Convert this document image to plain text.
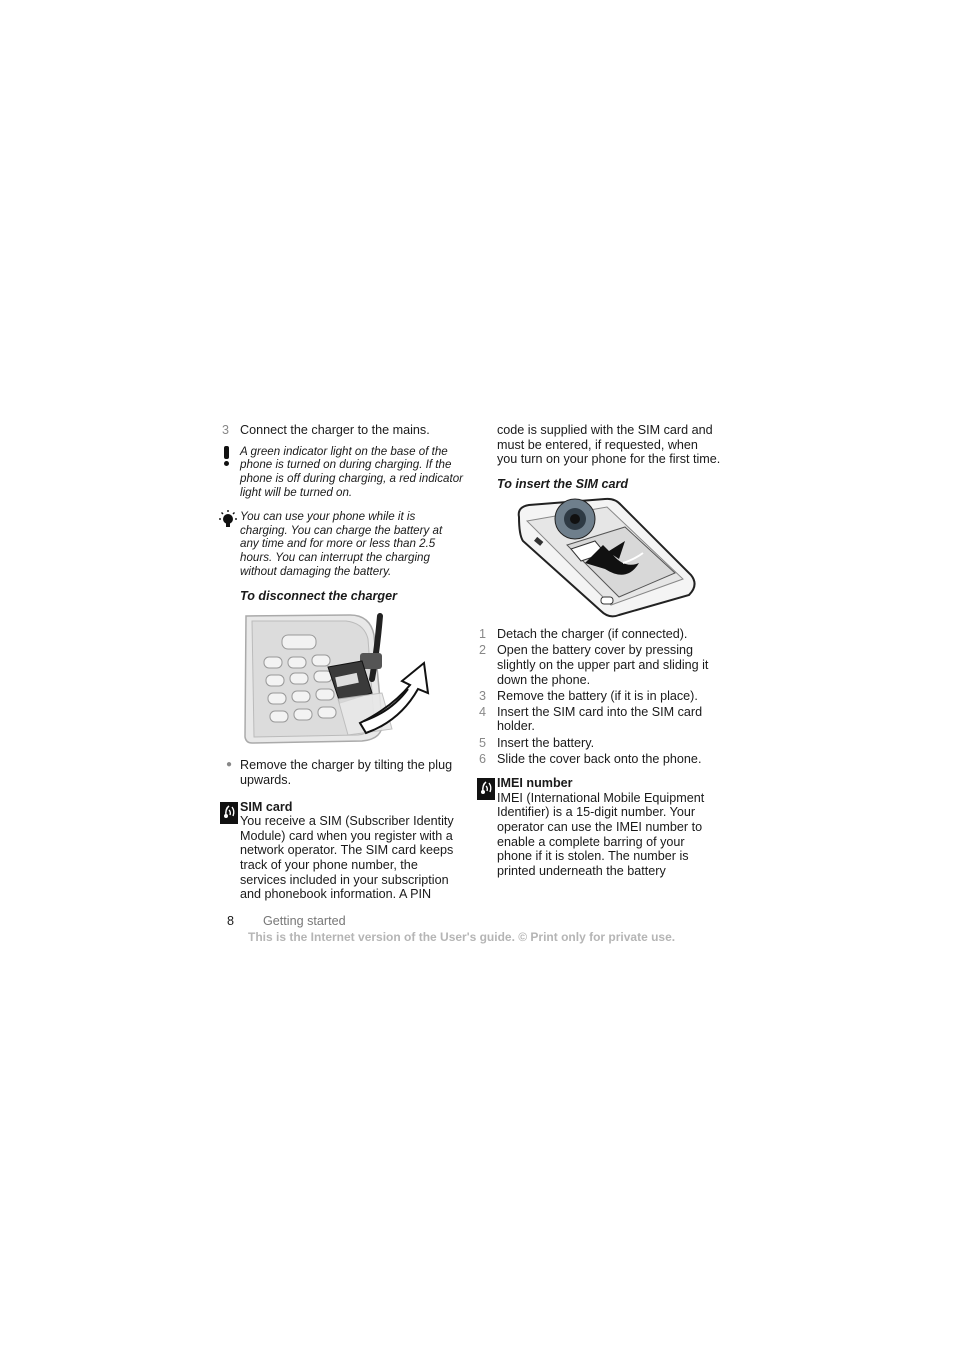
3 Connect the charger to the mains.
A green indicator light on the base of the phone is turned on during charging. If the phone is off during charging, a red indicator light will be turned on.
You can use your phone while it is charging. You can charge the battery at any time and for more or less than 2.5 hours. You can interrupt the charging without damaging the battery.
To disconnect the charger
● Remove the charger by tilting the plug upwards.
SIM card
You receive a SIM (Subscriber Identity Module) card when you register with a network operator. The SIM card keeps track of your phone number, the services included in your subscription and phonebook information. A PIN
code is supplied with the SIM card and must be entered, if requested, when you turn on your phone for the first time.
To insert the SIM card
1 Detach the charger (if connected).
2 Open the battery cover by pressing slightly on the upper part and sliding it down the phone.
3 Remove the battery (if it is in place).
4 Insert the SIM card into the SIM card holder.
5 Insert the battery.
6 Slide the cover back onto the phone.
IMEI number
IMEI (International Mobile Equipment Identifier) is a 15-digit number. Your operator can use the IMEI number to enable a complete barring of your phone if it is stolen. The number is printed underneath the battery
8 Getting started
This is the Internet version of the User's guide. © Print only for private use.
